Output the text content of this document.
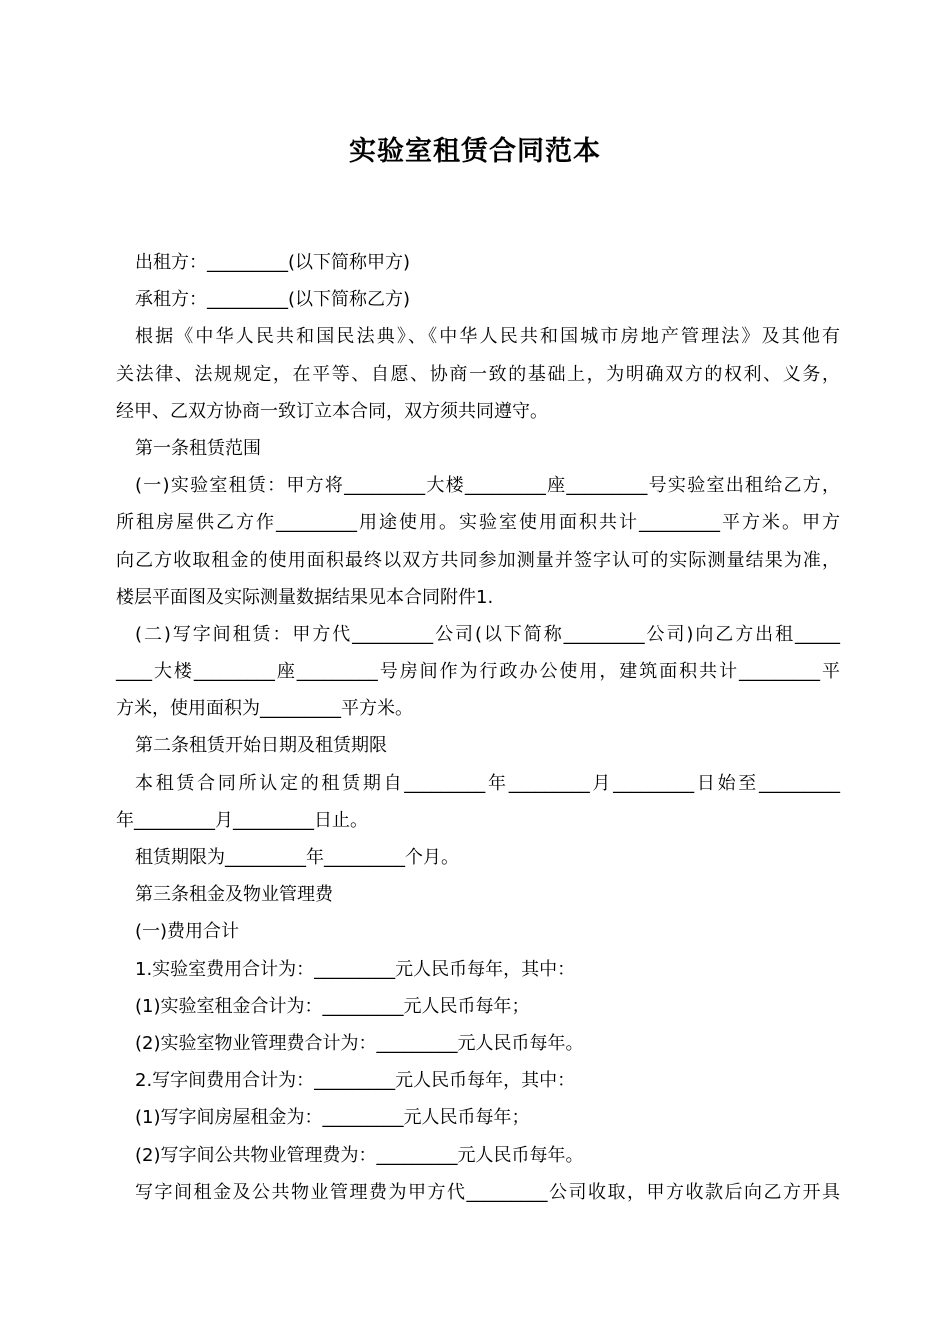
实验室租赁合同范本
出租方：_________(以下简称甲方)
承租方：_________(以下简称乙方)
根据《中华人民共和国民法典》、《中华人民共和国城市房地产管理法》及其他有
关法律、法规规定，在平等、自愿、协商一致的基础上，为明确双方的权利、义务，
经甲、乙双方协商一致订立本合同，双方须共同遵守。
第一条租赁范围
(一)实验室租赁：甲方将_________大楼_________座_________号实验室出租给乙方，
所租房屋供乙方作_________用途使用。实验室使用面积共计_________平方米。甲方
向乙方收取租金的使用面积最终以双方共同参加测量并签字认可的实际测量结果为准，
楼层平面图及实际测量数据结果见本合同附件1.
(二)写字间租赁：甲方代_________公司(以下简称_________公司)向乙方出租_____
____大楼_________座_________号房间作为行政办公使用，建筑面积共计_________平
方米，使用面积为_________平方米。
第二条租赁开始日期及租赁期限
本租赁合同所认定的租赁期自_________年_________月_________日始至_________
年_________月_________日止。
租赁期限为_________年_________个月。
第三条租金及物业管理费
(一)费用合计
1.实验室费用合计为：_________元人民币每年，其中：
(1)实验室租金合计为：_________元人民币每年；
(2)实验室物业管理费合计为：_________元人民币每年。
2.写字间费用合计为：_________元人民币每年，其中：
(1)写字间房屋租金为：_________元人民币每年；
(2)写字间公共物业管理费为：_________元人民币每年。
写字间租金及公共物业管理费为甲方代_________公司收取，甲方收款后向乙方开具
